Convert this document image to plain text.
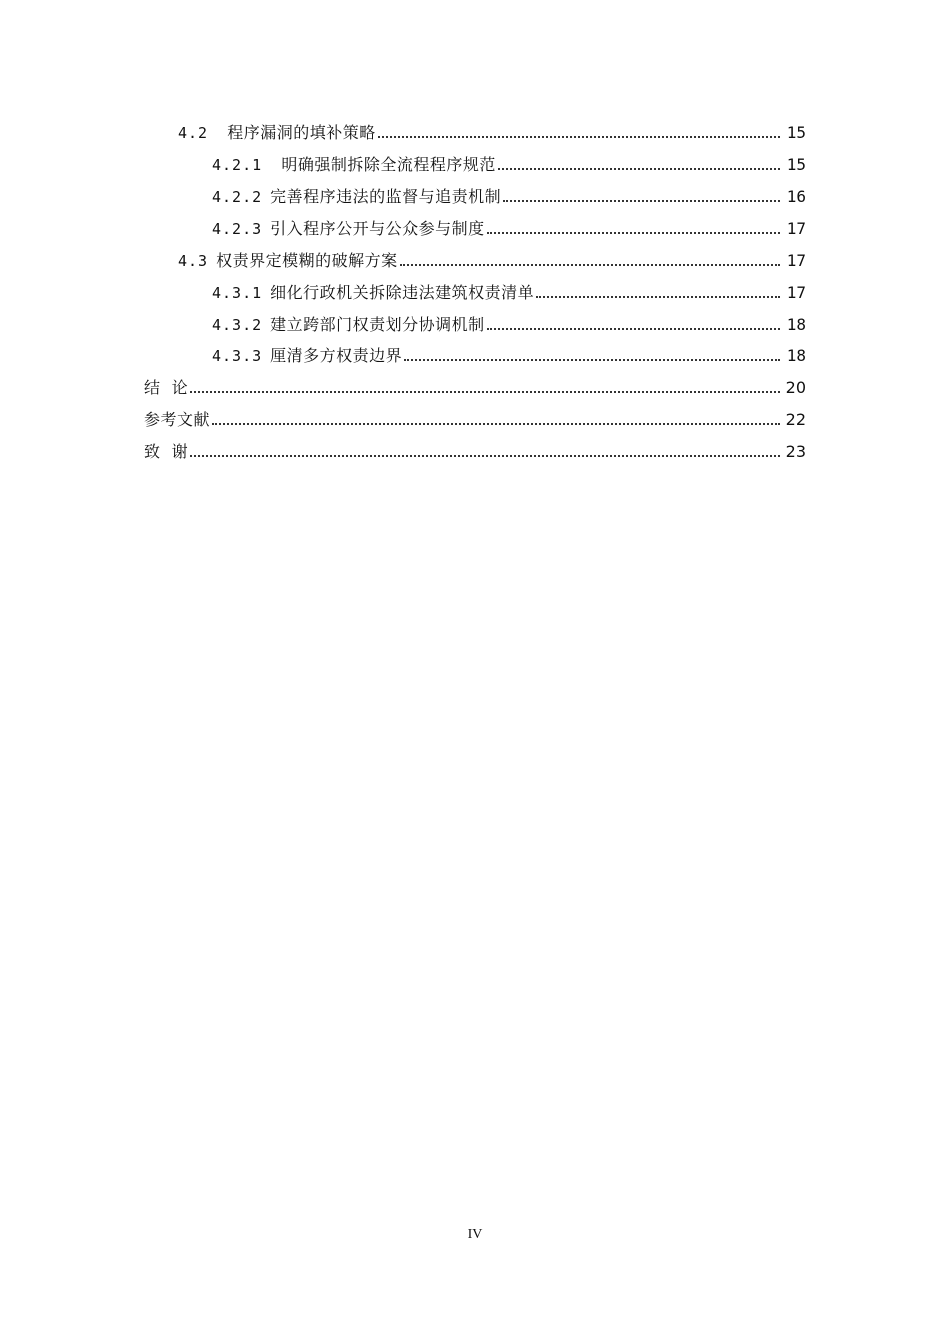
4.2  程序漏洞的填补策略	15
4.2.1  明确强制拆除全流程程序规范	15
4.2.2 完善程序违法的监督与追责机制	16
4.2.3 引入程序公开与公众参与制度	17
4.3 权责界定模糊的破解方案	17
4.3.1 细化行政机关拆除违法建筑权责清单	17
4.3.2 建立跨部门权责划分协调机制	18
4.3.3 厘清多方权责边界	18
结  论	20
参考文献	22
致  谢	23
IV
